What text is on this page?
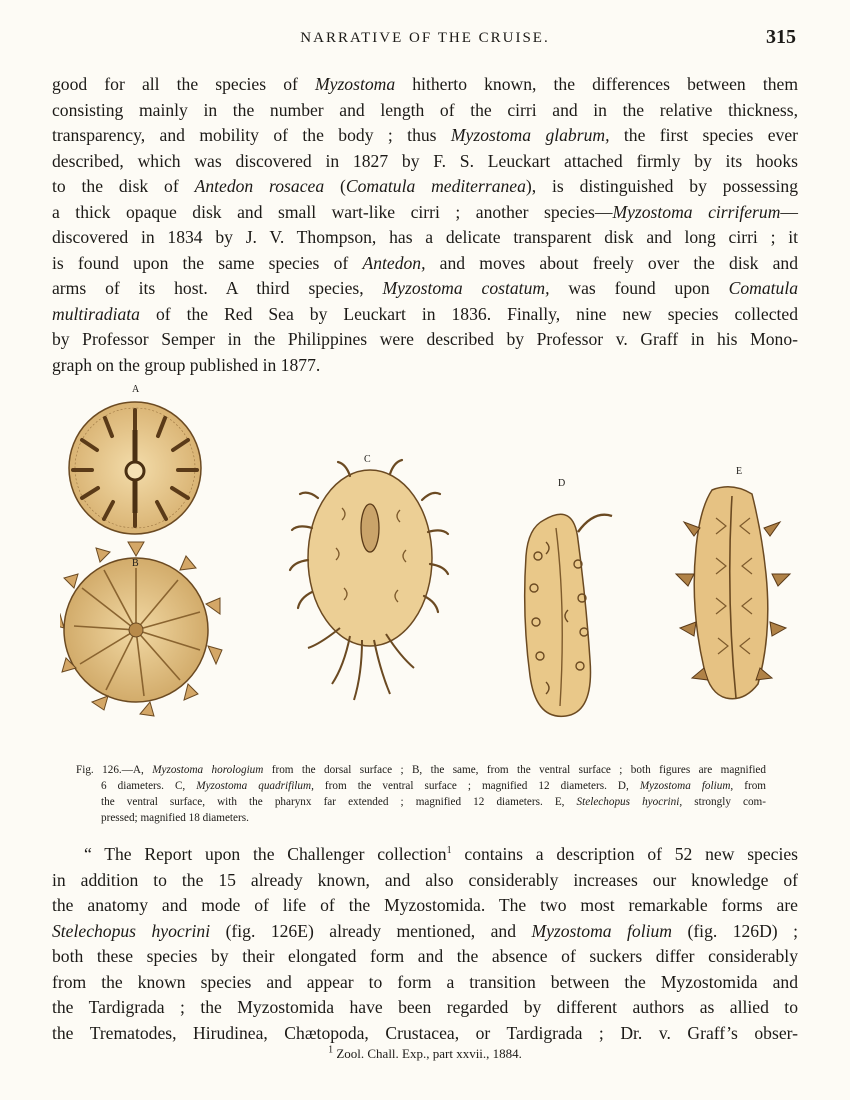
NARRATIVE OF THE CRUISE.	315
good for all the species of Myzostoma hitherto known, the differences between them
consisting mainly in the number and length of the cirri and in the relative thickness,
transparency, and mobility of the body ; thus Myzostoma glabrum, the first species ever
described, which was discovered in 1827 by F. S. Leuckart attached firmly by its hooks
to the disk of Antedon rosacea (Comatula mediterranea), is distinguished by possessing
a thick opaque disk and small wart-like cirri ; another species—Myzostoma cirriferum—
discovered in 1834 by J. V. Thompson, has a delicate transparent disk and long cirri ; it
is found upon the same species of Antedon, and moves about freely over the disk and
arms of its host. A third species, Myzostoma costatum, was found upon Comatula
multiradiata of the Red Sea by Leuckart in 1836. Finally, nine new species collected
by Professor Semper in the Philippines were described by Professor v. Graff in his Mono-
graph on the group published in 1877.
A
B
C
D
E
Fig. 126.—A, Myzostoma horologium from the dorsal surface ; B, the same, from the ventral surface ; both figures are magnified
6 diameters. C, Myzostoma quadrifilum, from the ventral surface ; magnified 12 diameters. D, Myzostoma folium, from
the ventral surface, with the pharynx far extended ; magnified 12 diameters. E, Stelechopus hyocrini, strongly com-
pressed; magnified 18 diameters.
“ The Report upon the Challenger collection$^1$ contains a description of 52 new species
in addition to the 15 already known, and also considerably increases our knowledge of
the anatomy and mode of life of the Myzostomida. The two most remarkable forms are
Stelechopus hyocrini (fig. 126E) already mentioned, and Myzostoma folium (fig. 126D) ;
both these species by their elongated form and the absence of suckers differ considerably
from the known species and appear to form a transition between the Myzostomida and
the Tardigrada ; the Myzostomida have been regarded by different authors as allied to
the Trematodes, Hirudinea, Chætopoda, Crustacea, or Tardigrada ; Dr. v. Graff’s obser-
$^1$ Zool. Chall. Exp., part xxvii., 1884.
